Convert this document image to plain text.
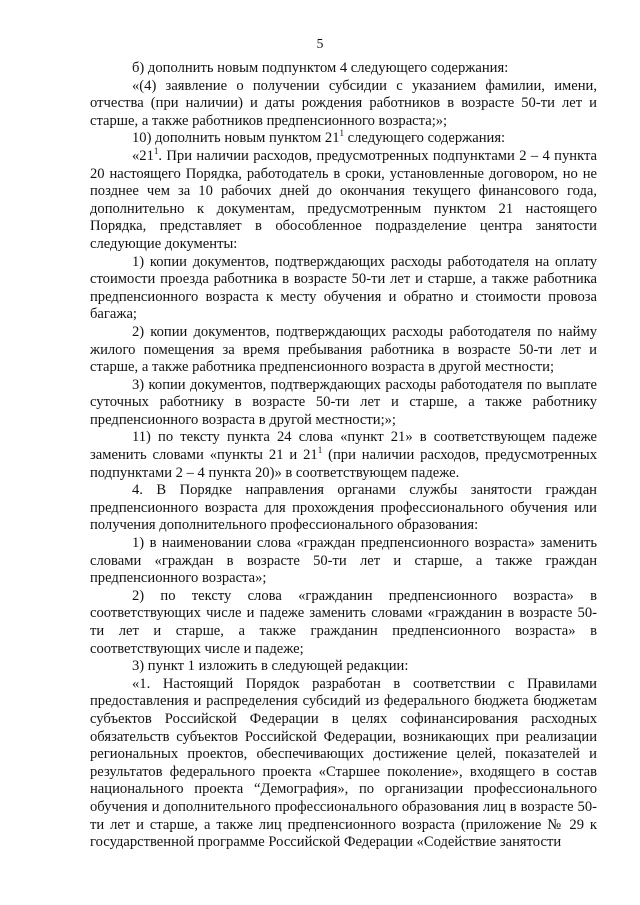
5

б) дополнить новым подпунктом 4 следующего содержания:

«(4) заявление о получении субсидии с указанием фамилии, имени, отчества (при наличии) и даты рождения работников в возрасте 50-ти лет и старше, а также работников предпенсионного возраста;»;

10) дополнить новым пунктом $21^1$ следующего содержания:

«$21^1$. При наличии расходов, предусмотренных подпунктами 2 – 4 пункта 20 настоящего Порядка, работодатель в сроки, установленные договором, но не позднее чем за 10 рабочих дней до окончания текущего финансового года, дополнительно к документам, предусмотренным пунктом 21 настоящего Порядка, представляет в обособленное подразделение центра занятости следующие документы:

1) копии документов, подтверждающих расходы работодателя на оплату стоимости проезда работника в возрасте 50-ти лет и старше, а также работника предпенсионного возраста к месту обучения и обратно и стоимости провоза багажа;

2) копии документов, подтверждающих расходы работодателя по найму жилого помещения за время пребывания работника в возрасте 50-ти лет и старше, а также работника предпенсионного возраста в другой местности;

3) копии документов, подтверждающих расходы работодателя по выплате суточных работнику в возрасте 50-ти лет и старше, а также работнику предпенсионного возраста в другой местности;»;

11) по тексту пункта 24 слова «пункт 21» в соответствующем падеже заменить словами «пункты 21 и $21^1$ (при наличии расходов, предусмотренных подпунктами 2 – 4 пункта 20)» в соответствующем падеже.

4. В Порядке направления органами службы занятости граждан предпенсионного возраста для прохождения профессионального обучения или получения дополнительного профессионального образования:

1) в наименовании слова «граждан предпенсионного возраста» заменить словами «граждан в возрасте 50-ти лет и старше, а также граждан предпенсионного возраста»;

2) по тексту слова «гражданин предпенсионного возраста» в соответствующих числе и падеже заменить словами «гражданин в возрасте 50-ти лет и старше, а также гражданин предпенсионного возраста» в соответствующих числе и падеже;

3) пункт 1 изложить в следующей редакции:

«1. Настоящий Порядок разработан в соответствии с Правилами предоставления и распределения субсидий из федерального бюджета бюджетам субъектов Российской Федерации в целях софинансирования расходных обязательств субъектов Российской Федерации, возникающих при реализации региональных проектов, обеспечивающих достижение целей, показателей и результатов федерального проекта «Старшее поколение», входящего в состав национального проекта “Демография», по организации профессионального обучения и дополнительного профессионального образования лиц в возрасте 50-ти лет и старше, а также лиц предпенсионного возраста (приложение № 29 к государственной программе Российской Федерации «Содействие занятости
